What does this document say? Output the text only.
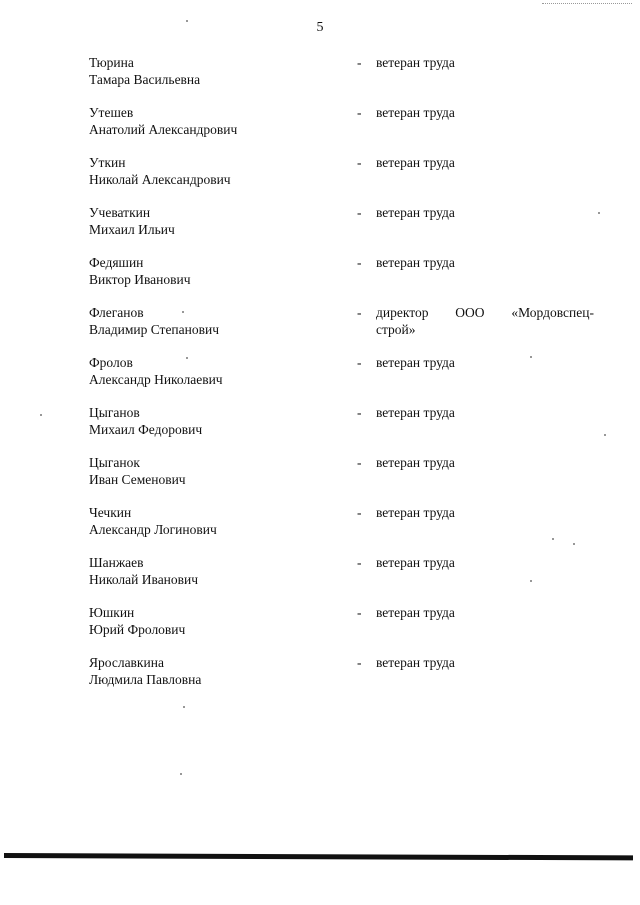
5
Тюрина
Тамара Васильевна
- ветеран труда
Утешев
Анатолий Александрович
- ветеран труда
Уткин
Николай Александрович
- ветеран труда
Учеваткин
Михаил Ильич
- ветеран труда
Федяшин
Виктор Иванович
- ветеран труда
Флеганов
Владимир Степанович
- директор ООО «Мордовспец-
строй»
Фролов
Александр Николаевич
- ветеран труда
Цыганов
Михаил Федорович
- ветеран труда
Цыганок
Иван Семенович
- ветеран труда
Чечкин
Александр Логинович
- ветеран труда
Шанжаев
Николай Иванович
- ветеран труда
Юшкин
Юрий Фролович
- ветеран труда
Ярославкина
Людмила Павловна
- ветеран труда
